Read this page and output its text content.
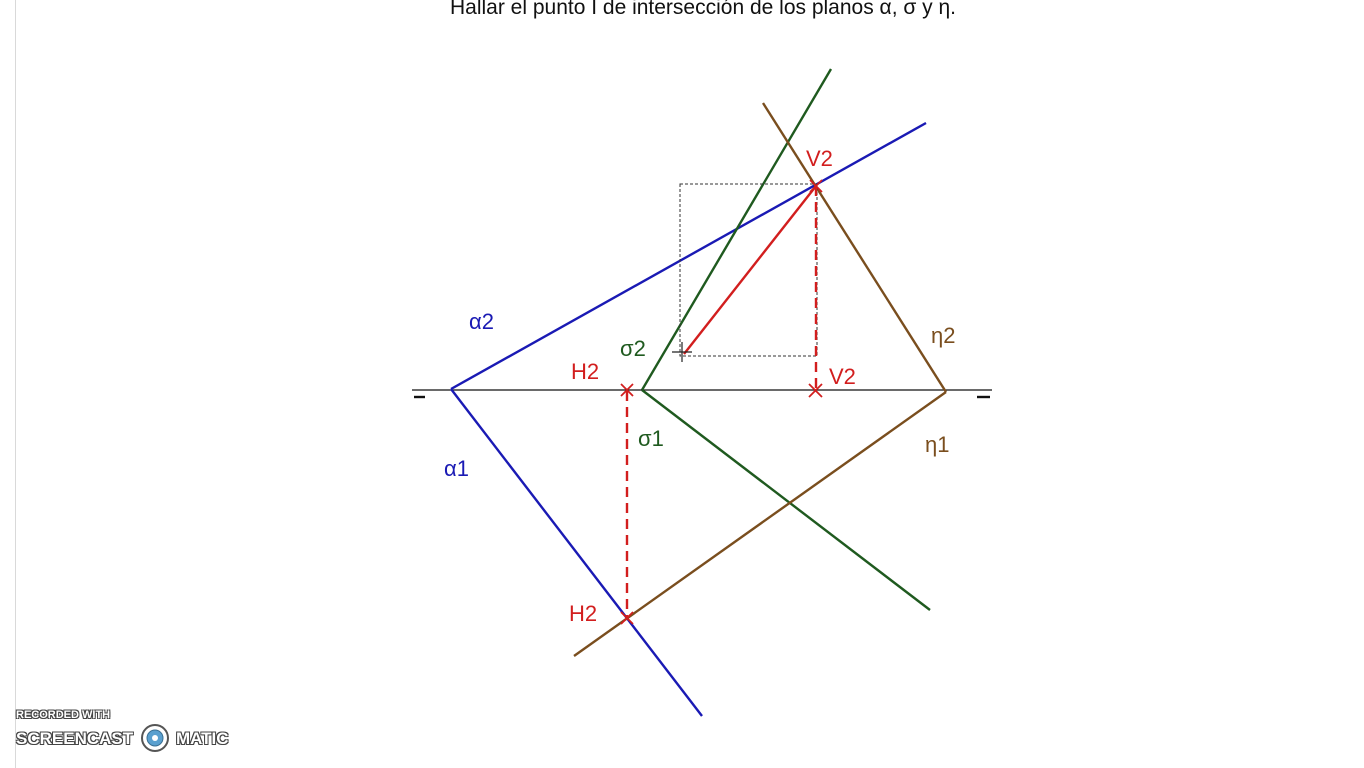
Hallar el punto I de intersección de los planos α, σ y η.
α2
α1
σ2
σ1
η2
η1
V2
V2
H2
H2
RECORDED WITH
SCREENCAST	MATIC
